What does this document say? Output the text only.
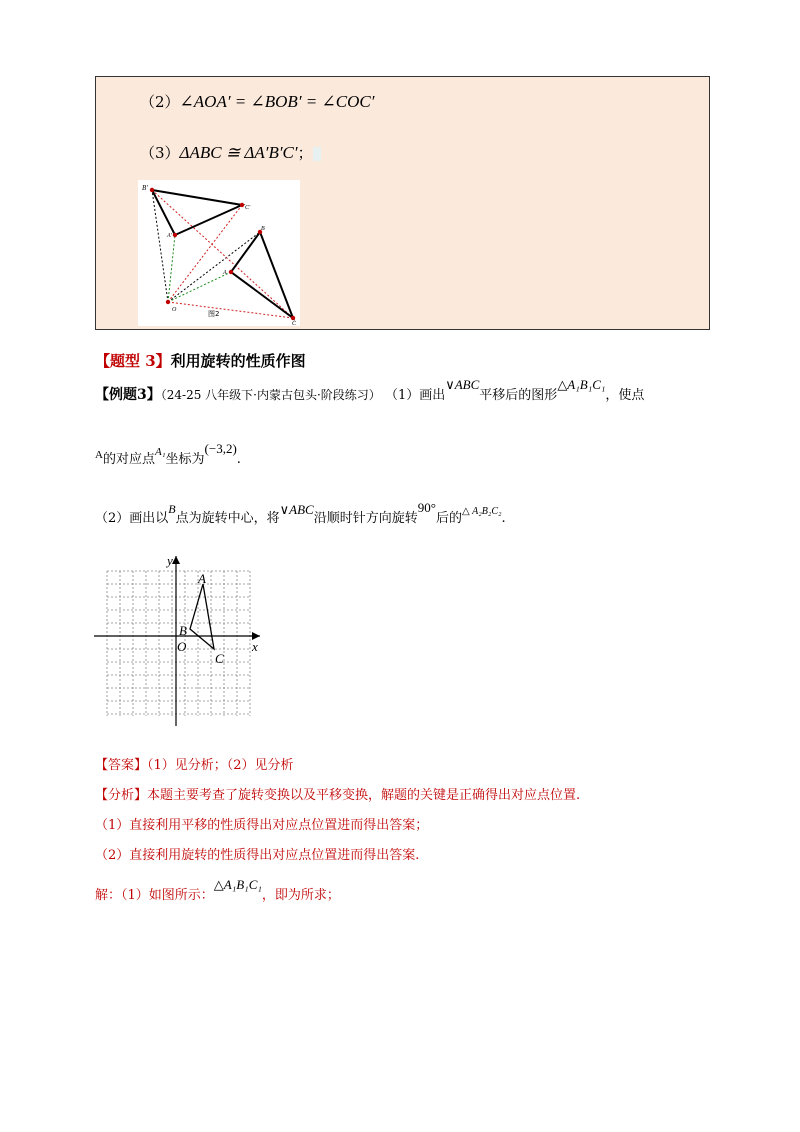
（2）∠AOA′ = ∠BOB′ = ∠COC′
（3）ΔABC ≅ ΔA′B′C′；
B′
C′
A′
B
A
O
C
图2
【题型 3】利用旋转的性质作图
【例题3】（24-25 八年级下·内蒙古包头·阶段练习） （1）画出∨ABC平移后的图形△A₁B₁C₁，使点
$^A$的对应点$^{A_1}$坐标为(−3,2).
（2）画出以B点为旋转中心，将∨ABC沿顺时针方向旋转90°后的$^{\triangle A_2B_2C_2}$.
y
x
A
B
O
C
【答案】（1）见分析；（2）见分析
【分析】本题主要考查了旋转变换以及平移变换，解题的关键是正确得出对应点位置.
（1）直接利用平移的性质得出对应点位置进而得出答案；
（2）直接利用旋转的性质得出对应点位置进而得出答案.
解：（1）如图所示：△A₁B₁C₁，即为所求；
